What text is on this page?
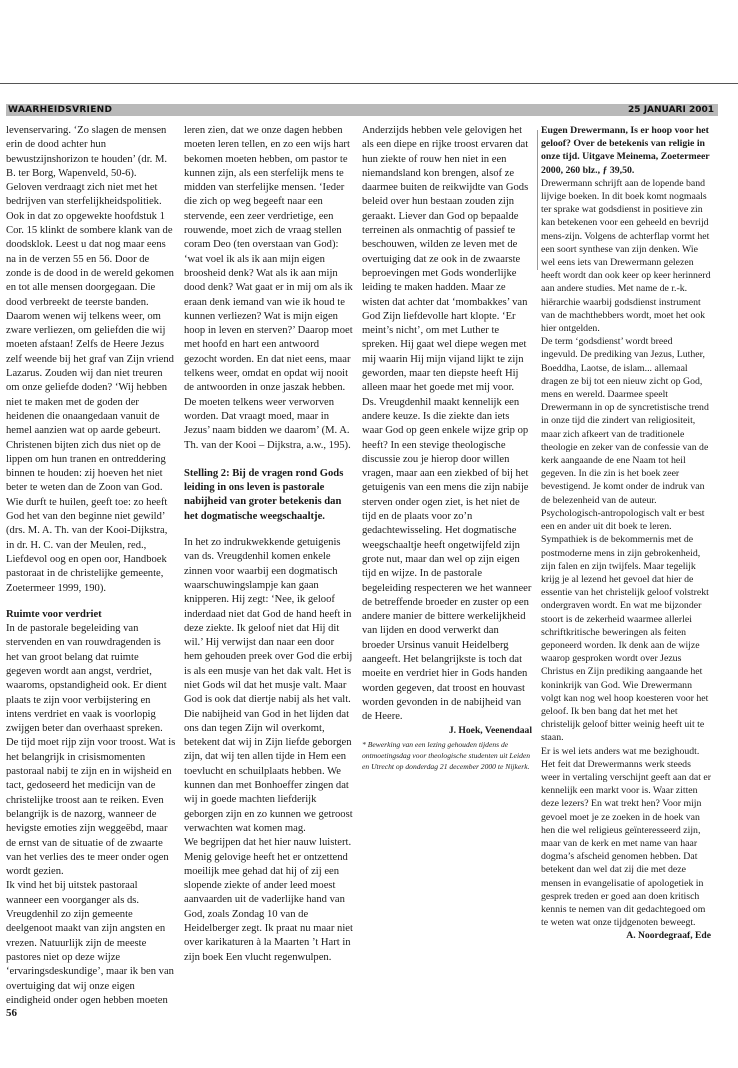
WAARHEIDSVRIEND	25 JANUARI 2001

levenservaring. ‘Zo slagen de mensen erin de dood achter hun bewustzijnshorizon te houden’ (dr. M. B. ter Borg, Wapenveld, 50-6).

Geloven verdraagt zich niet met het bedrijven van sterfelijkheidspolitiek. Ook in dat zo opgewekte hoofdstuk 1 Cor. 15 klinkt de sombere klank van de doodsklok. Leest u dat nog maar eens na in de verzen 55 en 56. Door de zonde is de dood in de wereld gekomen en tot alle mensen doorgegaan. Die dood verbreekt de teerste banden. Daarom wenen wij telkens weer, om zware verliezen, om geliefden die wij moeten afstaan! Zelfs de Heere Jezus zelf weende bij het graf van Zijn vriend Lazarus. Zouden wij dan niet treuren om onze geliefde doden? ‘Wij hebben niet te maken met de goden der heidenen die onaangedaan vanuit de hemel aanzien wat op aarde gebeurt. Christenen bijten zich dus niet op de lippen om hun tranen en ontreddering binnen te houden: zij hoeven het niet beter te weten dan de Zoon van God. Wie durft te huilen, geeft toe: zo heeft God het van den beginne niet gewild’ (drs. M. A. Th. van der Kooi-Dijkstra, in dr. H. C. van der Meulen, red., Liefdevol oog en open oor, Handboek pastoraat in de christelijke gemeente, Zoetermeer 1999, 190).

Ruimte voor verdriet

In de pastorale begeleiding van stervenden en van rouwdragenden is het van groot belang dat ruimte gegeven wordt aan angst, verdriet, waaroms, opstandigheid ook. Er dient plaats te zijn voor verbijstering en intens verdriet en vaak is voorlopig zwijgen beter dan overhaast spreken. De tijd moet rijp zijn voor troost. Wat is het belangrijk in crisismomenten pastoraal nabij te zijn en in wijsheid en tact, gedoseerd het medicijn van de christelijke troost aan te reiken. Even belangrijk is de nazorg, wanneer de hevigste emoties zijn weggeëbd, maar de ernst van de situatie of de zwaarte van het verlies des te meer onder ogen wordt gezien.

Ik vind het bij uitstek pastoraal wanneer een voorganger als ds. Vreugdenhil zo zijn gemeente deelgenoot maakt van zijn angsten en vrezen. Natuurlijk zijn de meeste pastores niet op deze wijze ‘ervaringsdeskundige’, maar ik ben van overtuiging dat wij onze eigen eindigheid onder ogen hebben moeten

leren zien, dat we onze dagen hebben moeten leren tellen, en zo een wijs hart bekomen moeten hebben, om pastor te kunnen zijn, als een sterfelijk mens te midden van sterfelijke mensen. ‘Ieder die zich op weg begeeft naar een stervende, een zeer verdrietige, een rouwende, moet zich de vraag stellen coram Deo (ten overstaan van God): ‘wat voel ik als ik aan mijn eigen broosheid denk? Wat als ik aan mijn dood denk? Wat gaat er in mij om als ik eraan denk iemand van wie ik houd te kunnen verliezen? Wat is mijn eigen hoop in leven en sterven?’ Daarop moet met hoofd en hart een antwoord gezocht worden. En dat niet eens, maar telkens weer, omdat en opdat wij nooit de antwoorden in onze jaszak hebben. De moeten telkens weer verworven worden. Dat vraagt moed, maar in Jezus’ naam bidden we daarom’ (M. A. Th. van der Kooi – Dijkstra, a.w., 195).

Stelling 2: Bij de vragen rond Gods leiding in ons leven is pastorale nabijheid van groter betekenis dan het dogmatische weegschaaltje.

In het zo indrukwekkende getuigenis van ds. Vreugdenhil komen enkele zinnen voor waarbij een dogmatisch waarschuwingslampje kan gaan knipperen. Hij zegt: ‘Nee, ik geloof inderdaad niet dat God de hand heeft in deze ziekte. Ik geloof niet dat Hij dit wil.’ Hij verwijst dan naar een door hem gehouden preek over God die erbij is als een musje van het dak valt. Het is niet Gods wil dat het musje valt. Maar God is ook dat diertje nabij als het valt. Die nabijheid van God in het lijden dat ons dan tegen Zijn wil overkomt, betekent dat wij in Zijn liefde geborgen zijn, dat wij ten allen tijde in Hem een toevlucht en schuilplaats hebben. We kunnen dan met Bonhoeffer zingen dat wij in goede machten liefderijk geborgen zijn en zo kunnen we getroost verwachten wat komen mag.

We begrijpen dat het hier nauw luistert. Menig gelovige heeft het er ontzettend moeilijk mee gehad dat hij of zij een slopende ziekte of ander leed moest aanvaarden uit de vaderlijke hand van God, zoals Zondag 10 van de Heidelberger zegt. Ik praat nu maar niet over karikaturen à la Maarten ’t Hart in zijn boek Een vlucht regenwulpen.

Anderzijds hebben vele gelovigen het als een diepe en rijke troost ervaren dat hun ziekte of rouw hen niet in een niemandsland kon brengen, alsof ze daarmee buiten de reikwijdte van Gods beleid over hun bestaan zouden zijn geraakt. Liever dan God op bepaalde terreinen als onmachtig of passief te beschouwen, wilden ze leven met de overtuiging dat ze ook in de zwaarste beproevingen met Gods wonderlijke leiding te maken hadden. Maar ze wisten dat achter dat ‘mombakkes’ van God Zijn liefdevolle hart klopte. ‘Er meint’s nicht’, om met Luther te spreken. Hij gaat wel diepe wegen met mij waarin Hij mijn vijand lijkt te zijn geworden, maar ten diepste heeft Hij alleen maar het goede met mij voor.

Ds. Vreugdenhil maakt kennelijk een andere keuze. Is die ziekte dan iets waar God op geen enkele wijze grip op heeft? In een stevige theologische discussie zou je hierop door willen vragen, maar aan een ziekbed of bij het getuigenis van een mens die zijn nabije sterven onder ogen ziet, is het niet de tijd en de plaats voor zo’n gedachtewisseling. Het dogmatische weegschaaltje heeft ongetwijfeld zijn grote nut, maar dan wel op zijn eigen tijd en wijze. In de pastorale begeleiding respecteren we het wanneer de betreffende broeder en zuster op een andere manier de bittere werkelijkheid van lijden en dood verwerkt dan broeder Ursinus vanuit Heidelberg aangeeft. Het belangrijkste is toch dat moeite en verdriet hier in Gods handen worden gegeven, dat troost en houvast worden gevonden in de nabijheid van de Heere.

J. Hoek, Veenendaal

* Bewerking van een lezing gehouden tijdens de ontmoetingsdag voor theologische studenten uit Leiden en Utrecht op donderdag 21 december 2000 te Nijkerk.

Eugen Drewermann, Is er hoop voor het geloof? Over de betekenis van religie in onze tijd. Uitgave Meinema, Zoetermeer 2000, 260 blz., ƒ 39,50.

Drewermann schrijft aan de lopende band lijvige boeken. In dit boek komt nogmaals ter sprake wat godsdienst in positieve zin kan betekenen voor een geheeld en bevrijd mens-zijn. Volgens de achterflap vormt het een soort synthese van zijn denken. Wie wel eens iets van Drewermann gelezen heeft wordt dan ook keer op keer herinnerd aan andere studies. Met name de r.-k. hiërarchie waarbij godsdienst instrument van de machthebbers wordt, moet het ook hier ontgelden.

De term ‘godsdienst’ wordt breed ingevuld. De prediking van Jezus, Luther, Boeddha, Laotse, de islam... allemaal dragen ze bij tot een nieuw zicht op God, mens en wereld. Daarmee speelt Drewermann in op de syncretistische trend in onze tijd die zindert van religiositeit, maar zich afkeert van de traditionele theologie en zeker van de confessie van de kerk aangaande de ene Naam tot heil gegeven. In die zin is het boek zeer bevestigend. Je komt onder de indruk van de belezenheid van de auteur. Psychologisch-antropologisch valt er best een en ander uit dit boek te leren. Sympathiek is de bekommernis met de postmoderne mens in zijn gebrokenheid, zijn falen en zijn twijfels. Maar tegelijk krijg je al lezend het gevoel dat hier de essentie van het christelijk geloof volstrekt ondergraven wordt. En wat me bijzonder stoort is de zekerheid waarmee allerlei schriftkritische beweringen als feiten geponeerd worden. Ik denk aan de wijze waarop gesproken wordt over Jezus Christus en Zijn prediking aangaande het koninkrijk van God. Wie Drewermann volgt kan nog wel hoop koesteren voor het geloof. Ik ben bang dat het met het christelijk geloof bitter weinig heeft uit te staan.

Er is wel iets anders wat me bezighoudt. Het feit dat Drewermanns werk steeds weer in vertaling verschijnt geeft aan dat er kennelijk een markt voor is. Waar zitten deze lezers? En wat trekt hen? Voor mijn gevoel moet je ze zoeken in de hoek van hen die wel religieus geïnteresseerd zijn, maar van de kerk en met name van haar dogma’s afscheid genomen hebben. Dat betekent dan wel dat zij die met deze mensen in evangelisatie of apologetiek in gesprek treden er goed aan doen kritisch kennis te nemen van dit gedachtegoed om te weten wat onze tijdgenoten beweegt.

A. Noordegraaf, Ede

56
